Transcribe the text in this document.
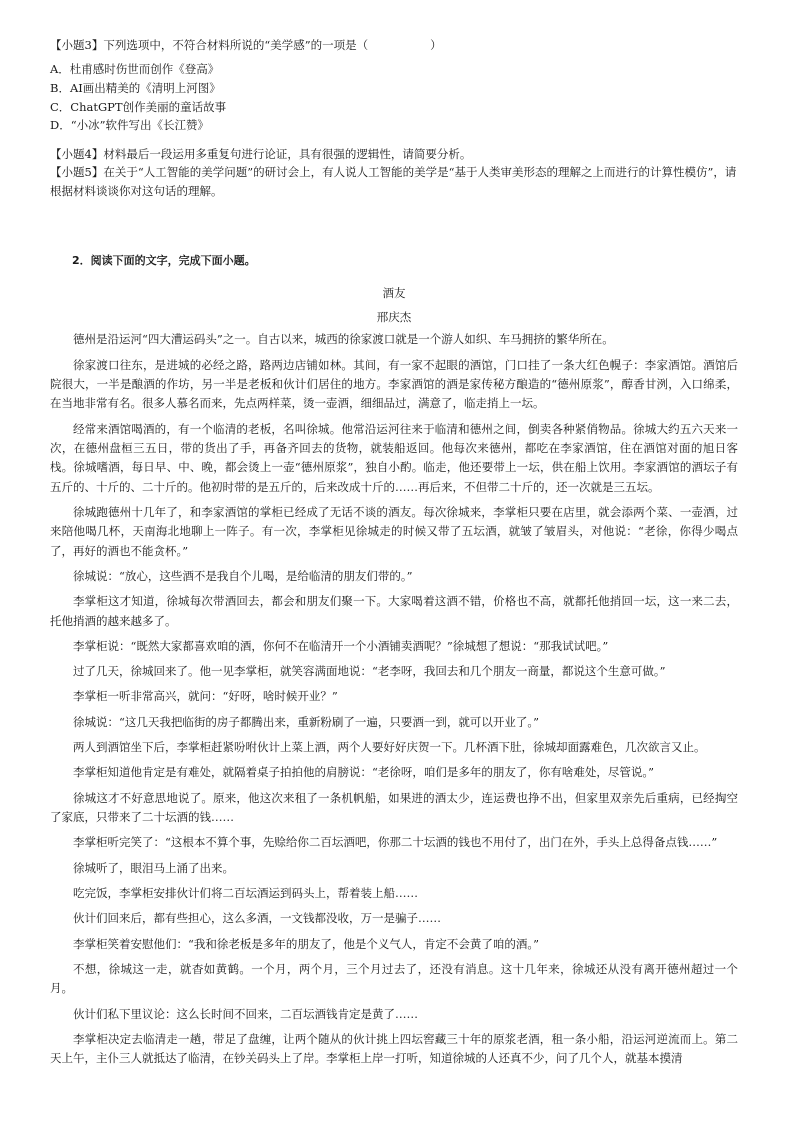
【小题3】下列选项中，不符合材料所说的“美学感”的一项是（	）

A．杜甫感时伤世而创作《登高》
B．AI画出精美的《清明上河图》
C．ChatGPT创作美丽的童话故事
D．“小冰”软件写出《长江赞》

【小题4】材料最后一段运用多重复句进行论证，具有很强的逻辑性，请简要分析。

【小题5】在关于“人工智能的美学问题”的研讨会上，有人说人工智能的美学是“基于人类审美形态的理解之上而进行的计算性模仿”，请根据材料谈谈你对这句话的理解。

2．阅读下面的文字，完成下面小题。

酒友

邢庆杰

德州是沿运河“四大漕运码头”之一。自古以来，城西的徐家渡口就是一个游人如织、车马拥挤的繁华所在。

徐家渡口往东，是进城的必经之路，路两边店铺如林。其间，有一家不起眼的酒馆，门口挂了一条大红色幌子：李家酒馆。酒馆后院很大，一半是酿酒的作坊，另一半是老板和伙计们居住的地方。李家酒馆的酒是家传秘方酿造的“德州原浆”，醇香甘洌，入口绵柔，在当地非常有名。很多人慕名而来，先点两样菜，烫一壶酒，细细品过，满意了，临走捎上一坛。

经常来酒馆喝酒的，有一个临清的老板，名叫徐城。他常沿运河往来于临清和德州之间，倒卖各种紧俏物品。徐城大约五六天来一次，在德州盘桓三五日，带的货出了手，再备齐回去的货物，就装船返回。他每次来德州，都吃在李家酒馆，住在酒馆对面的旭日客栈。徐城嗜酒，每日早、中、晚，都会烫上一壶“德州原浆”，独自小酌。临走，他还要带上一坛，供在船上饮用。李家酒馆的酒坛子有五斤的、十斤的、二十斤的。他初时带的是五斤的，后来改成十斤的……再后来，不但带二十斤的，还一次就是三五坛。

徐城跑德州十几年了，和李家酒馆的掌柜已经成了无话不谈的酒友。每次徐城来，李掌柜只要在店里，就会添两个菜、一壶酒，过来陪他喝几杯，天南海北地聊上一阵子。有一次，李掌柜见徐城走的时候又带了五坛酒，就皱了皱眉头，对他说：“老徐，你得少喝点了，再好的酒也不能贪杯。”

徐城说：“放心，这些酒不是我自个儿喝，是给临清的朋友们带的。”

李掌柜这才知道，徐城每次带酒回去，都会和朋友们聚一下。大家喝着这酒不错，价格也不高，就都托他捎回一坛，这一来二去，托他捎酒的越来越多了。

李掌柜说：“既然大家都喜欢咱的酒，你何不在临清开一个小酒铺卖酒呢？”徐城想了想说：“那我试试吧。”

过了几天，徐城回来了。他一见李掌柜，就笑容满面地说：“老李呀，我回去和几个朋友一商量，都说这个生意可做。”

李掌柜一听非常高兴，就问：“好呀，啥时候开业？”

徐城说：“这几天我把临街的房子都腾出来，重新粉刷了一遍，只要酒一到，就可以开业了。”

两人到酒馆坐下后，李掌柜赶紧吩咐伙计上菜上酒，两个人要好好庆贺一下。几杯酒下肚，徐城却面露难色，几次欲言又止。

李掌柜知道他肯定是有难处，就隔着桌子拍拍他的肩膀说：“老徐呀，咱们是多年的朋友了，你有啥难处，尽管说。”

徐城这才不好意思地说了。原来，他这次来租了一条机帆船，如果进的酒太少，连运费也挣不出，但家里双亲先后重病，已经掏空了家底，只带来了二十坛酒的钱……

李掌柜听完笑了：“这根本不算个事，先赊给你二百坛酒吧，你那二十坛酒的钱也不用付了，出门在外，手头上总得备点钱……”

徐城听了，眼泪马上涌了出来。

吃完饭，李掌柜安排伙计们将二百坛酒运到码头上，帮着装上船……

伙计们回来后，都有些担心，这么多酒，一文钱都没收，万一是骗子……

李掌柜笑着安慰他们：“我和徐老板是多年的朋友了，他是个义气人，肯定不会黄了咱的酒。”

不想，徐城这一走，就杳如黄鹤。一个月，两个月，三个月过去了，还没有消息。这十几年来，徐城还从没有离开德州超过一个月。

伙计们私下里议论：这么长时间不回来，二百坛酒钱肯定是黄了……

李掌柜决定去临清走一趟，带足了盘缠，让两个随从的伙计挑上四坛窖藏三十年的原浆老酒，租一条小船，沿运河逆流而上。第二天上午，主仆三人就抵达了临清，在钞关码头上了岸。李掌柜上岸一打听，知道徐城的人还真不少，问了几个人，就基本摸清
